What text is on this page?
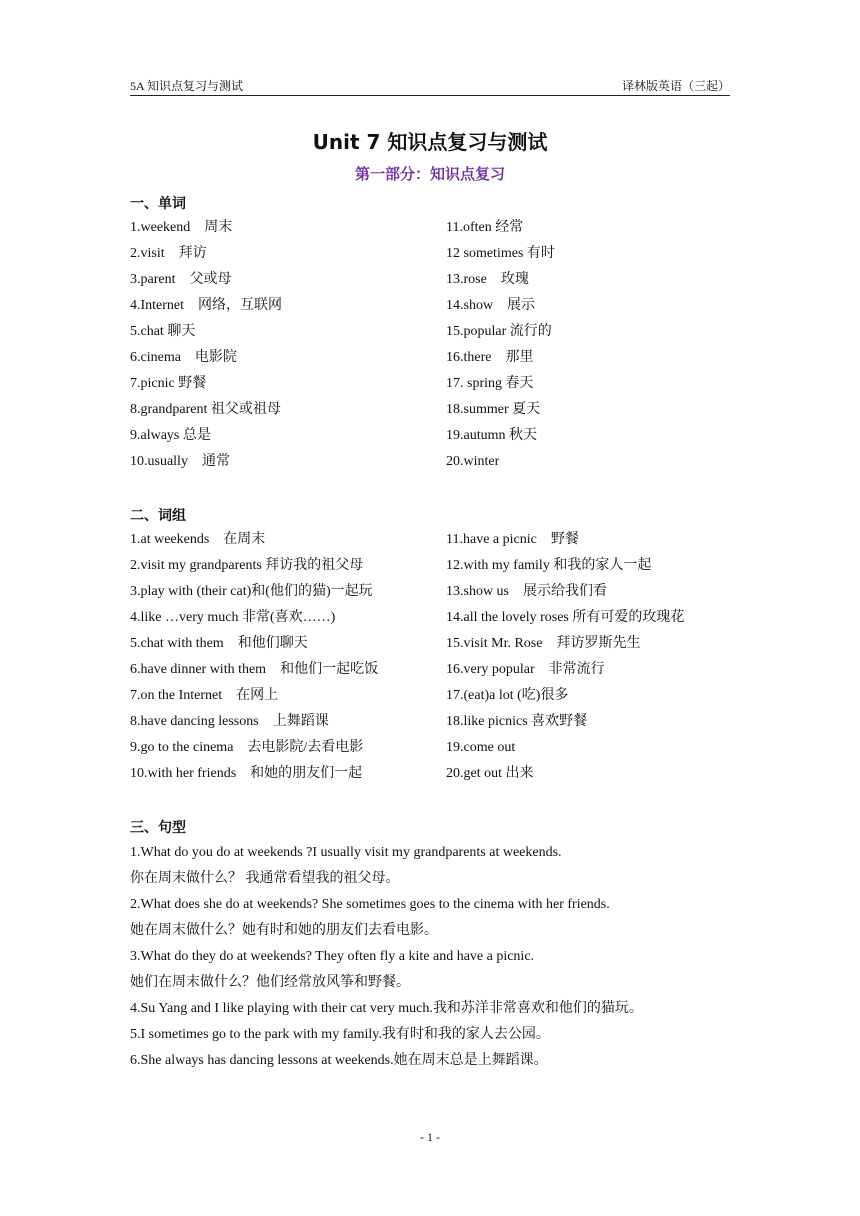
5A 知识点复习与测试	译林版英语（三起）
Unit 7 知识点复习与测试
第一部分：知识点复习
一、单词
1.weekend　周末
2.visit　拜访
3.parent　父或母
4.Internet　网络，互联网
5.chat 聊天
6.cinema　电影院
7.picnic 野餐
8.grandparent 祖父或祖母
9.always 总是
10.usually　通常
11.often 经常
12 sometimes 有时
13.rose　玫瑰
14.show　展示
15.popular 流行的
16.there　那里
17. spring 春天
18.summer 夏天
19.autumn 秋天
20.winter
二、词组
1.at weekends　在周末
2.visit my grandparents 拜访我的祖父母
3.play with (their cat)和(他们的猫)一起玩
4.like …very much 非常(喜欢……)
5.chat with them　和他们聊天
6.have dinner with them　和他们一起吃饭
7.on the Internet　在网上
8.have dancing lessons　上舞蹈课
9.go to the cinema　去电影院/去看电影
10.with her friends　和她的朋友们一起
11.have a picnic　野餐
12.with my family 和我的家人一起
13.show us　展示给我们看
14.all the lovely roses 所有可爱的玫瑰花
15.visit Mr. Rose　拜访罗斯先生
16.very popular　非常流行
17.(eat)a lot (吃)很多
18.like picnics 喜欢野餐
19.come out
20.get out 出来
三、句型
1.What do you do at weekends ?I usually visit my grandparents at weekends.
你在周末做什么？ 我通常看望我的祖父母。
2.What does she do at weekends? She sometimes goes to the cinema with her friends.
她在周末做什么？她有时和她的朋友们去看电影。
3.What do they do at weekends? They often fly a kite and have a picnic.
她们在周末做什么？他们经常放风筝和野餐。
4.Su Yang and I like playing with their cat very much.我和苏洋非常喜欢和他们的猫玩。
5.I sometimes go to the park with my family.我有时和我的家人去公园。
6.She always has dancing lessons at weekends.她在周末总是上舞蹈课。
- 1 -
